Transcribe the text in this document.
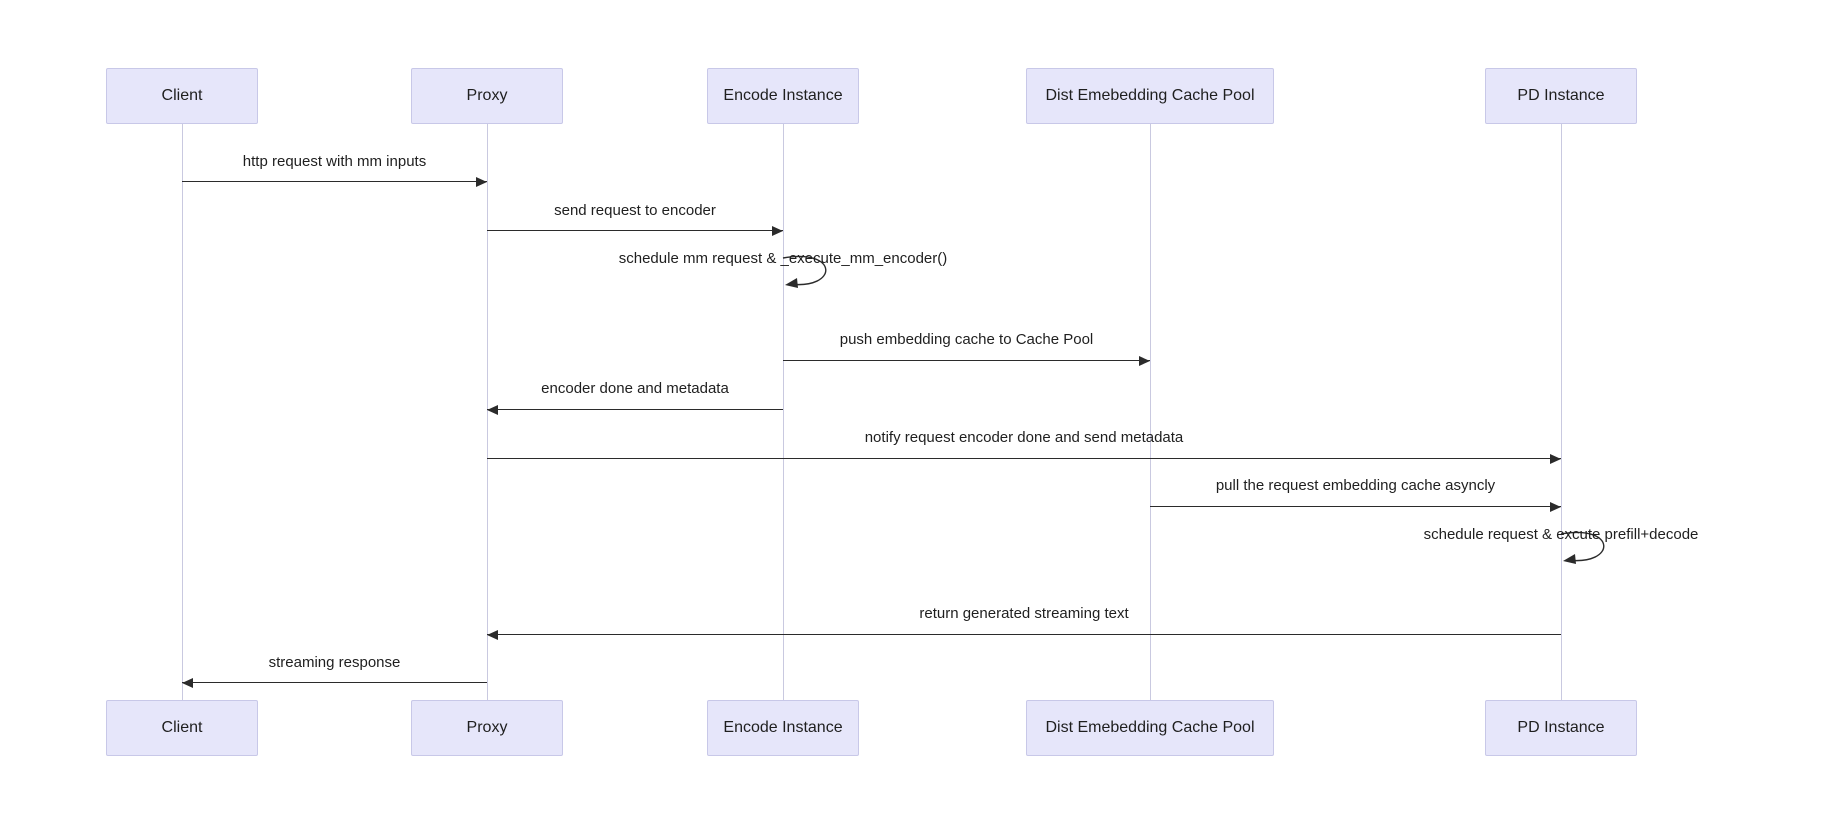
Client
Client
Proxy
Proxy
Encode Instance
Encode Instance
Dist Emebedding Cache Pool
Dist Emebedding Cache Pool
PD Instance
PD Instance
http request with mm inputs
send request to encoder
schedule mm request & _execute_mm_encoder()
push embedding cache to Cache Pool
encoder done and metadata
notify request encoder done and send metadata
pull the request embedding cache asyncly
schedule request & excute prefill+decode
return generated streaming text
streaming response
